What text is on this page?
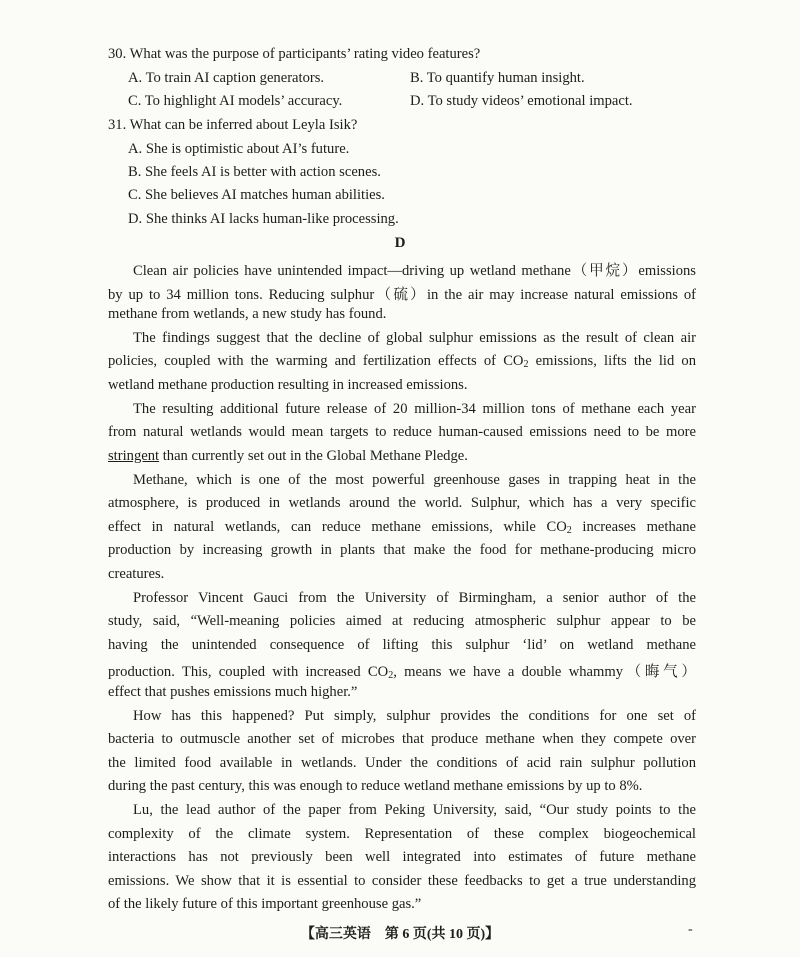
30. What was the purpose of participants’ rating video features?
A. To train AI caption generators.	B. To quantify human insight.
C. To highlight AI models’ accuracy.	D. To study videos’ emotional impact.
31. What can be inferred about Leyla Isik?
A. She is optimistic about AI’s future.
B. She feels AI is better with action scenes.
C. She believes AI matches human abilities.
D. She thinks AI lacks human-like processing.
D
Clean air policies have unintended impact—driving up wetland methane（甲烷）emissions
by up to 34 million tons. Reducing sulphur（硫）in the air may increase natural emissions of
methane from wetlands, a new study has found.
The findings suggest that the decline of global sulphur emissions as the result of clean air
policies, coupled with the warming and fertilization effects of $CO_2$ emissions, lifts the lid on
wetland methane production resulting in increased emissions.
The resulting additional future release of 20 million-34 million tons of methane each year
from natural wetlands would mean targets to reduce human-caused emissions need to be more
stringent than currently set out in the Global Methane Pledge.
Methane, which is one of the most powerful greenhouse gases in trapping heat in the
atmosphere, is produced in wetlands around the world. Sulphur, which has a very specific
effect in natural wetlands, can reduce methane emissions, while $CO_2$ increases methane
production by increasing growth in plants that make the food for methane-producing micro
creatures.
Professor Vincent Gauci from the University of Birmingham, a senior author of the
study, said, “Well-meaning policies aimed at reducing atmospheric sulphur appear to be
having the unintended consequence of lifting this sulphur ‘lid’ on wetland methane
production. This, coupled with increased $CO_2$, means we have a double whammy（晦气）
effect that pushes emissions much higher.”
How has this happened? Put simply, sulphur provides the conditions for one set of
bacteria to outmuscle another set of microbes that produce methane when they compete over
the limited food available in wetlands. Under the conditions of acid rain sulphur pollution
during the past century, this was enough to reduce wetland methane emissions by up to 8%.
Lu, the lead author of the paper from Peking University, said, “Our study points to the
complexity of the climate system. Representation of these complex biogeochemical
interactions has not previously been well integrated into estimates of future methane
emissions. We show that it is essential to consider these feedbacks to get a true understanding
of the likely future of this important greenhouse gas.”
【高三英语　第 6 页(共 10 页)】	-
